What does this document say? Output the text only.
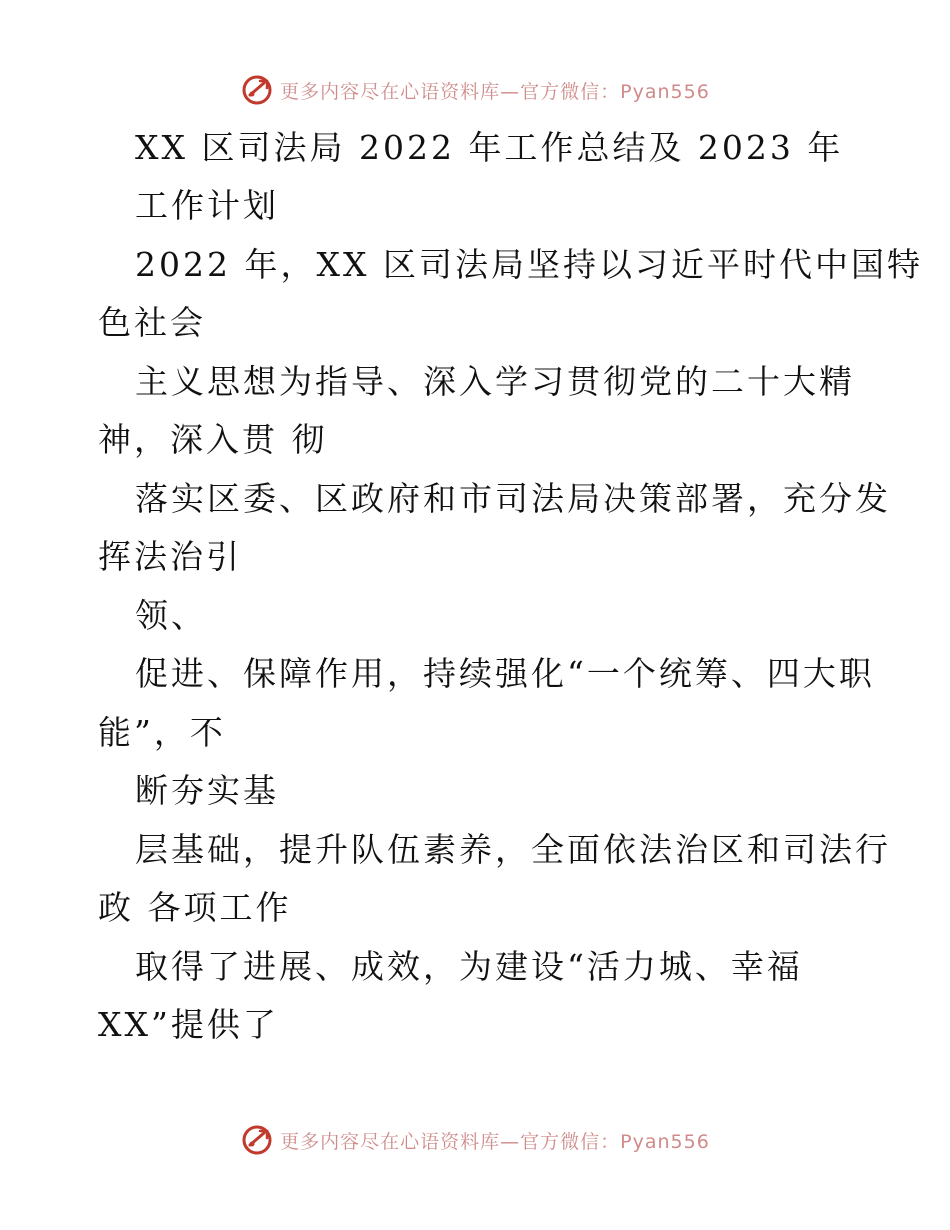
更多内容尽在心语资料库—官方微信：Pyan556
XX 区司法局 2022 年工作总结及 2023 年
工作计划
2022 年，XX 区司法局坚持以习近平时代中国特
色社会
主义思想为指导、深入学习贯彻党的二十大精
神，深入贯 彻
落实区委、区政府和市司法局决策部署，充分发
挥法治引
领、
促进、保障作用，持续强化“一个统筹、四大职
能”，不
断夯实基
层基础，提升队伍素养，全面依法治区和司法行
政 各项工作
取得了进展、成效，为建设“活力城、幸福
XX”提供了
更多内容尽在心语资料库—官方微信：Pyan556
